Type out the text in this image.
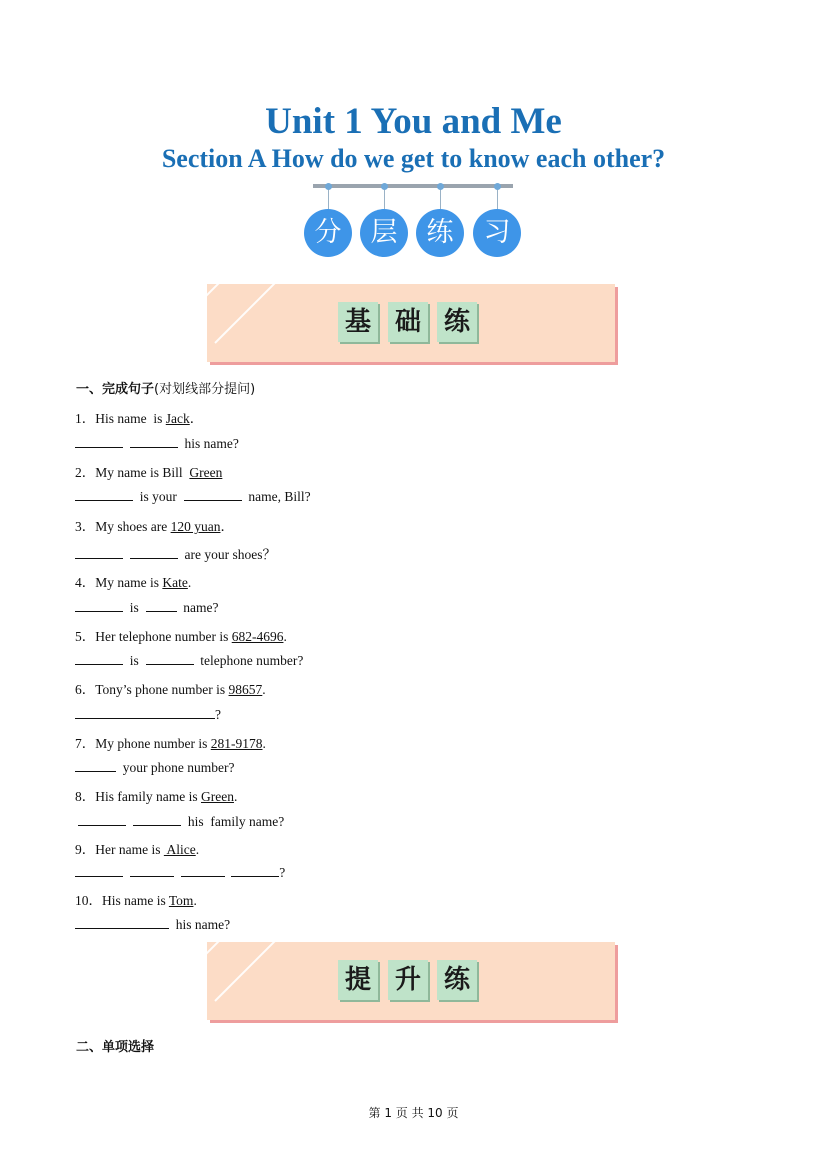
Unit 1 You and Me
Section A How do we get to know each other?
分	层	练	习
基 础 练
一、完成句子(对划线部分提问)
1．His name  is Jack．
his name?
2．My name is Bill  Green
is your	name, Bill?
3．My shoes are 120 yuan．
are your shoes？
4．My name is Kate.
is	name?
5．Her telephone number is 682-4696.
is	telephone number?
6．Tony’s phone number is 98657.
?
7．My phone number is 281-9178.
your phone number?
8．His family name is Green.
his  family name?
9．Her name is  Alice.
?
10．His name is Tom.
his name?
提 升 练
二、单项选择
第 1 页 共 10 页
